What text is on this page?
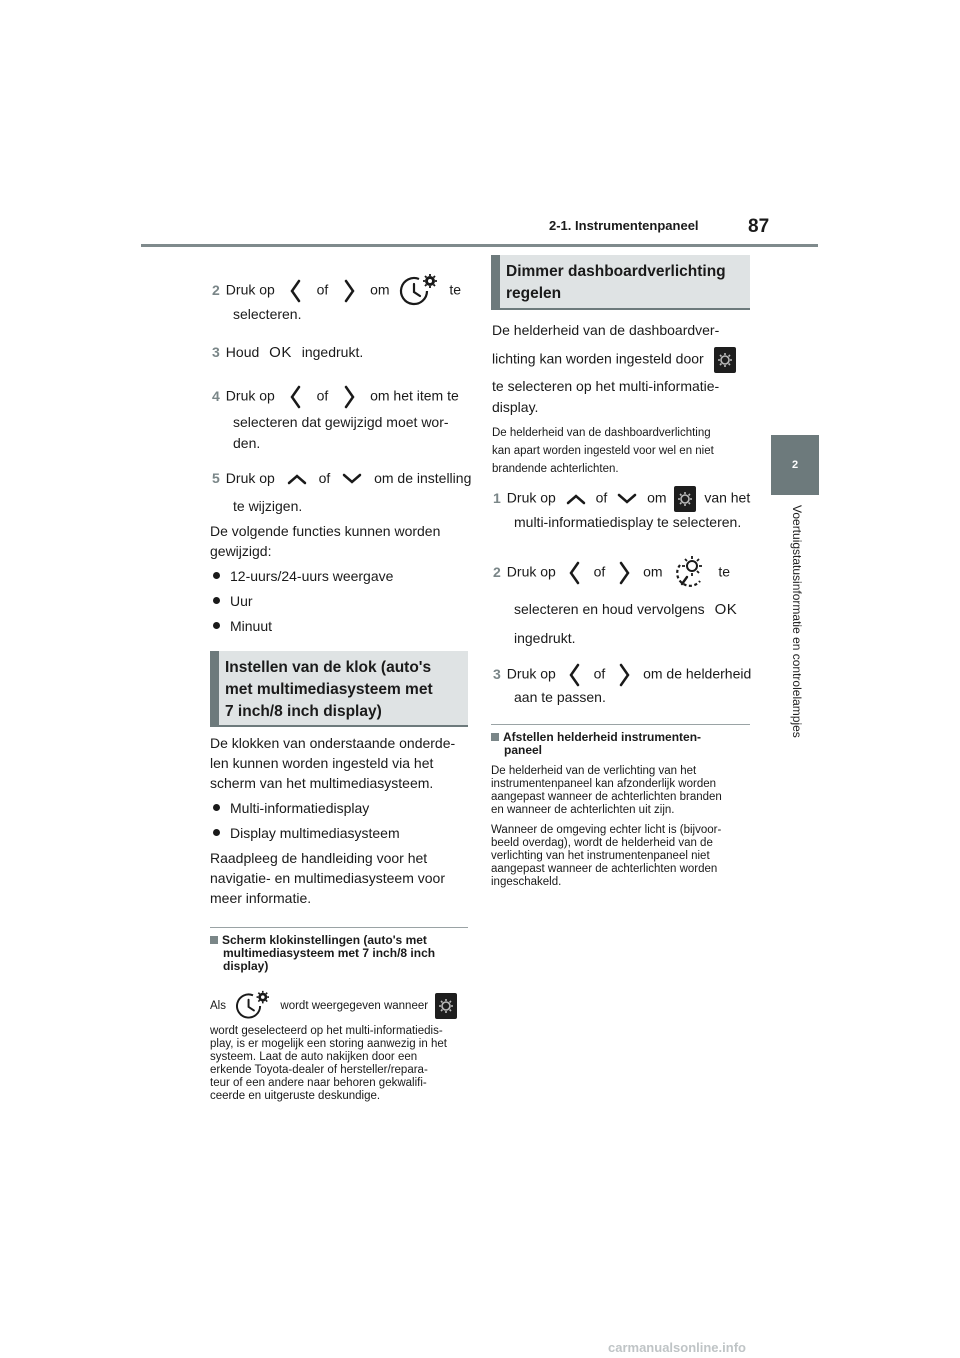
2-1. Instrumentenpaneel	87
2
Voertuigstatusinformatie en controlelampjes
2 Druk op	of	om	te
selecteren.
3 Houd OK ingedrukt.
4 Druk op	of	om het item te
selecteren dat gewijzigd moet wor-
den.
5 Druk op	of	om de instelling
te wijzigen.
De volgende functies kunnen worden
gewijzigd:
12-uurs/24-uurs weergave
Uur
Minuut
Instellen van de klok (auto's
met multimediasysteem met
7 inch/8 inch display)
De klokken van onderstaande onderde-
len kunnen worden ingesteld via het
scherm van het multimediasysteem.
Multi-informatiedisplay
Display multimediasysteem
Raadpleeg de handleiding voor het
navigatie- en multimediasysteem voor
meer informatie.
Scherm klokinstellingen (auto's met
multimediasysteem met 7 inch/8 inch
display)
Als	wordt weergegeven wanneer

wordt geselecteerd op het multi-informatiedis-

play, is er mogelijk een storing aanwezig in het

systeem. Laat de auto nakijken door een

erkende Toyota-dealer of hersteller/repara-

teur of een andere naar behoren gekwalifi-

ceerde en uitgeruste deskundige.

Dimmer dashboardverlichting
regelen
De helderheid van de dashboardver-
lichting kan worden ingesteld door
te selecteren op het multi-informatie-
display.

De helderheid van de dashboardverlichting

kan apart worden ingesteld voor wel en niet

brandende achterlichten.

1 Druk op	of	om	van het
multi-informatiedisplay te selecteren.
2 Druk op	of	om	te
selecteren en houd vervolgens OK
ingedrukt.
3 Druk op	of	om de helderheid
aan te passen.
Afstellen helderheid instrumenten-
paneel

De helderheid van de verlichting van het

instrumentenpaneel kan afzonderlijk worden

aangepast wanneer de achterlichten branden

en wanneer de achterlichten uit zijn.

Wanneer de omgeving echter licht is (bijvoor-

beeld overdag), wordt de helderheid van de

verlichting van het instrumentenpaneel niet

aangepast wanneer de achterlichten worden

ingeschakeld.

carmanualsonline.info
